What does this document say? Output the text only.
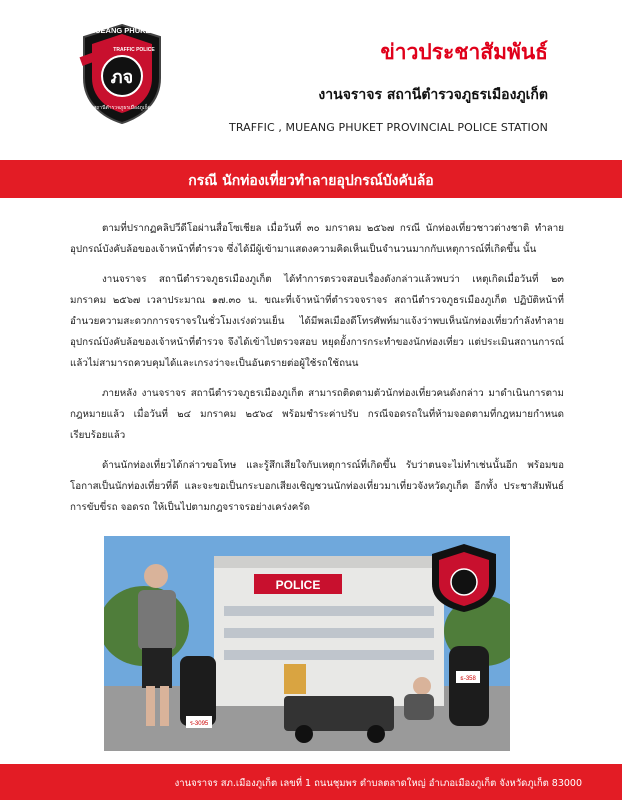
MUEANG PHUKET
TRAFFIC POLICE
ภจ
สถานีตำรวจภูธรเมืองภูเก็ต
ข่าวประชาสัมพันธ์
งานจราจร สถานีตำรวจภูธรเมืองภูเก็ต
TRAFFIC , MUEANG PHUKET PROVINCIAL POLICE STATION
กรณี นักท่องเที่ยวทำลายอุปกรณ์บังคับล้อ

ตามที่ปรากฏคลิปวีดีโอผ่านสื่อโซเชียล เมื่อวันที่ ๓๐ มกราคม ๒๕๖๗ กรณี นักท่องเที่ยวชาวต่างชาติ ทำลายอุปกรณ์บังคับล้อของเจ้าหน้าที่ตำรวจ ซึ่งได้มีผู้เข้ามาแสดงความคิดเห็นเป็นจำนวนมากกับเหตุการณ์ที่เกิดขึ้น นั้น

งานจราจร สถานีตำรวจภูธรเมืองภูเก็ต ได้ทำการตรวจสอบเรื่องดังกล่าวแล้วพบว่า เหตุเกิดเมื่อวันที่ ๒๓ มกราคม ๒๕๖๗ เวลาประมาณ ๑๗.๓๐ น. ขณะที่เจ้าหน้าที่ตำรวจจราจร สถานีตำรวจภูธรเมืองภูเก็ต ปฏิบัติหน้าที่อำนวยความสะดวกการจราจรในชั่วโมงเร่งด่วนเย็น ได้มีพลเมืองดีโทรศัพท์มาแจ้งว่าพบเห็นนักท่องเที่ยวกำลังทำลายอุปกรณ์บังคับล้อของเจ้าหน้าที่ตำรวจ จึงได้เข้าไปตรวจสอบ หยุดยั้งการกระทำของนักท่องเที่ยว แต่ประเมินสถานการณ์แล้วไม่สามารถควบคุมได้และเกรงว่าจะเป็นอันตรายต่อผู้ใช้รถใช้ถนน

ภายหลัง งานจราจร สถานีตำรวจภูธรเมืองภูเก็ต สามารถติดตามตัวนักท่องเที่ยวคนดังกล่าว มาดำเนินการตามกฎหมายแล้ว เมื่อวันที่ ๒๔ มกราคม ๒๕๖๔ พร้อมชำระค่าปรับ กรณีจอดรถในที่ห้ามจอดตามที่กฎหมายกำหนดเรียบร้อยแล้ว

ด้านนักท่องเที่ยวได้กล่าวขอโทษ และรู้สึกเสียใจกับเหตุการณ์ที่เกิดขึ้น รับว่าตนจะไม่ทำเช่นนั้นอีก พร้อมขอโอกาสเป็นนักท่องเที่ยวที่ดี และจะขอเป็นกระบอกเสียงเชิญชวนนักท่องเที่ยวมาเที่ยวจังหวัดภูเก็ต อีกทั้ง ประชาสัมพันธ์การขับขี่รถ จอดรถ ให้เป็นไปตามกฎจราจรอย่างเคร่งครัด

POLICE
ร-3095
ธ-358
งานจราจร สภ.เมืองภูเก็ต เลขที่ 1 ถนนชุมพร ตำบลตลาดใหญ่ อำเภอเมืองภูเก็ต จังหวัดภูเก็ต 83000
